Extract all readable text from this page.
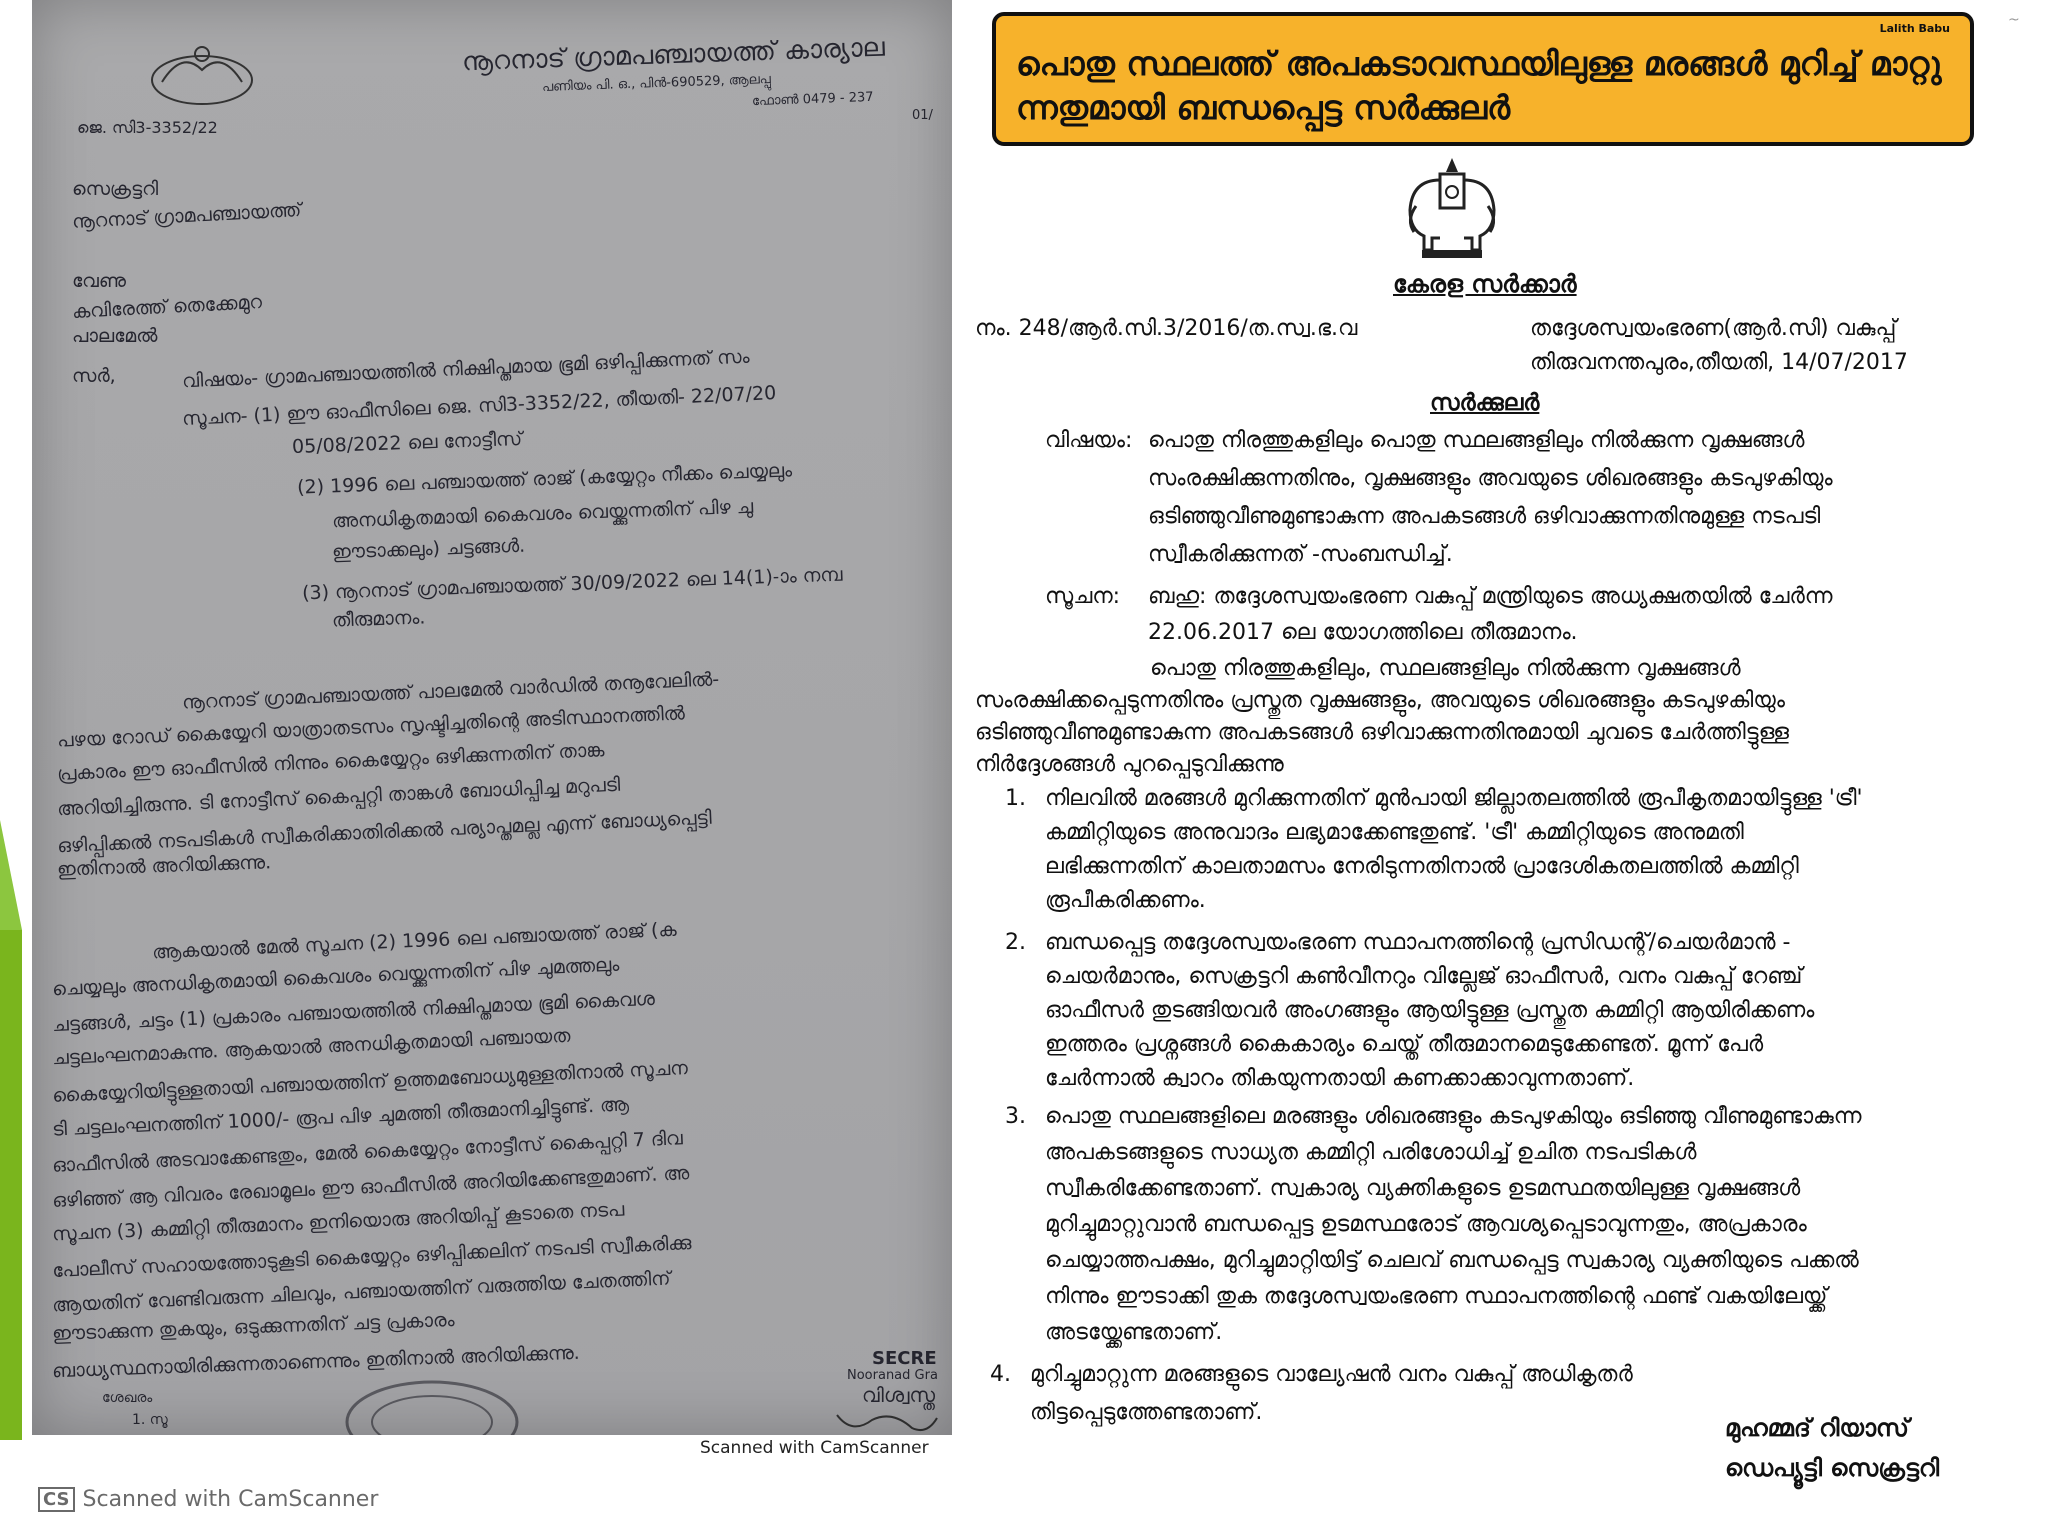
നൂറനാട് ഗ്രാമപഞ്ചായത്ത് കാര്യാല
പണിയം പി. ഒ., പിൻ-690529, ആലപ്പു
ഫോൺ 0479 - 237
01/
ജെ. സി3-3352/22
സെക്രട്ടറി
നൂറനാട് ഗ്രാമപഞ്ചായത്ത്
വേണു
കവിരേത്ത് തെക്കേമുറ
പാലമേൽ
സർ,	വിഷയം- ഗ്രാമപഞ്ചായത്തിൽ നിക്ഷിപ്തമായ ഭൂമി ഒഴിപ്പിക്കുന്നത് സം
സൂചന- (1) ഈ ഓഫീസിലെ ജെ. സി3-3352/22, തീയതി- 22/07/20
05/08/2022 ലെ നോട്ടീസ്
(2) 1996 ലെ പഞ്ചായത്ത് രാജ് (കയ്യേറ്റം നീക്കം ചെയ്യലും
അനധികൃതമായി കൈവശം വെയ്ക്കുന്നതിന് പിഴ ചു
ഈടാക്കലും) ചട്ടങ്ങൾ.
(3) നൂറനാട് ഗ്രാമപഞ്ചായത്ത് 30/09/2022 ലെ 14(1)-ാം നമ്പ
തീരുമാനം.
നൂറനാട് ഗ്രാമപഞ്ചായത്ത് പാലമേൽ വാർഡിൽ തനൂവേലിൽ-
പഴയ റോഡ് കൈയ്യേറി യാത്രാതടസം സൃഷ്ടിച്ചതിന്റെ അടിസ്ഥാനത്തിൽ
പ്രകാരം ഈ ഓഫീസിൽ നിന്നും കൈയ്യേറ്റം ഒഴിക്കുന്നതിന് താങ്ക
അറിയിച്ചിരുന്നു. ടി നോട്ടീസ് കൈപ്പറ്റി താങ്കൾ ബോധിപ്പിച്ച മറുപടി
ഒഴിപ്പിക്കൽ നടപടികൾ സ്വീകരിക്കാതിരിക്കൽ പര്യാപ്തമല്ല എന്ന് ബോധ്യപ്പെട്ടി
ഇതിനാൽ അറിയിക്കുന്നു.
ആകയാൽ മേൽ സൂചന (2) 1996 ലെ പഞ്ചായത്ത് രാജ് (ക
ചെയ്യലും അനധികൃതമായി കൈവശം വെയ്ക്കുന്നതിന് പിഴ ചുമത്തലും
ചട്ടങ്ങൾ, ചട്ടം (1) പ്രകാരം പഞ്ചായത്തിൽ നിക്ഷിപ്തമായ ഭൂമി കൈവശ
ചട്ടലംഘനമാകുന്നു. ആകയാൽ അനധികൃതമായി പഞ്ചായത
കൈയ്യേറിയിട്ടുള്ളതായി പഞ്ചായത്തിന് ഉത്തമബോധ്യമുള്ളതിനാൽ സൂചന
ടി ചട്ടലംഘനത്തിന് 1000/- രൂപ പിഴ ചുമത്തി തീരുമാനിച്ചിട്ടുണ്ട്. ആ
ഓഫീസിൽ അടവാക്കേണ്ടതും, മേൽ കൈയ്യേറ്റം നോട്ടീസ് കൈപ്പറ്റി 7 ദിവ
ഒഴിഞ്ഞ് ആ വിവരം രേഖാമൂലം ഈ ഓഫീസിൽ അറിയിക്കേണ്ടതുമാണ്. അ
സൂചന (3) കമ്മിറ്റി തീരുമാനം ഇനിയൊരു അറിയിപ്പ് കൂടാതെ നടപ
പോലീസ് സഹായത്തോടുകൂടി കൈയ്യേറ്റം ഒഴിപ്പിക്കലിന് നടപടി സ്വീകരിക്കു
ആയതിന് വേണ്ടിവരുന്ന ചിലവും, പഞ്ചായത്തിന് വരുത്തിയ ചേതത്തിന്
ഈടാക്കുന്ന തുകയും, ഒടുക്കുന്നതിന് ചട്ട പ്രകാരം
ബാധ്യസ്ഥനായിരിക്കുന്നതാണെന്നും ഇതിനാൽ അറിയിക്കുന്നു.
ശേഖരം
1. സൂ
വിശ്വസ്ത
SECRE
Nooranad Gra
Scanned with CamScanner
CS Scanned with CamScanner
Lalith Babu
പൊതു സ്ഥലത്ത് അപകടാവസ്ഥയിലുള്ള മരങ്ങൾ മുറിച്ച് മാറ്റു ന്നതുമായി ബന്ധപ്പെട്ട സർക്കുലർ
~
കേരള സർക്കാർ
നം. 248/ആർ.സി.3/2016/ത.സ്വ.ഭ.വ	തദ്ദേശസ്വയംഭരണ(ആർ.സി) വകുപ്പ്
തിരുവനന്തപുരം,തീയതി, 14/07/2017
സർക്കുലർ
വിഷയം: പൊതു നിരത്തുകളിലും പൊതു സ്ഥലങ്ങളിലും നിൽക്കുന്ന വൃക്ഷങ്ങൾ
സംരക്ഷിക്കുന്നതിനും, വൃക്ഷങ്ങളും അവയുടെ ശിഖരങ്ങളും കടപുഴകിയും
ഒടിഞ്ഞുവീണുമുണ്ടാകുന്ന അപകടങ്ങൾ ഒഴിവാക്കുന്നതിനുമുള്ള നടപടി
സ്വീകരിക്കുന്നത് -സംബന്ധിച്ച്.
സൂചന: ബഹു: തദ്ദേശസ്വയംഭരണ വകുപ്പ് മന്ത്രിയുടെ അധ്യക്ഷതയിൽ ചേർന്ന
22.06.2017 ലെ യോഗത്തിലെ തീരുമാനം.
പൊതു നിരത്തുകളിലും, സ്ഥലങ്ങളിലും നിൽക്കുന്ന വൃക്ഷങ്ങൾ
സംരക്ഷിക്കപ്പെടുന്നതിനും പ്രസ്തുത വൃക്ഷങ്ങളും, അവയുടെ ശിഖരങ്ങളും കടപുഴകിയും
ഒടിഞ്ഞുവീണുമുണ്ടാകുന്ന അപകടങ്ങൾ ഒഴിവാക്കുന്നതിനുമായി ചുവടെ ചേർത്തിട്ടുള്ള
നിർദ്ദേശങ്ങൾ പുറപ്പെടുവിക്കുന്നു
1. നിലവിൽ മരങ്ങൾ മുറിക്കുന്നതിന് മുൻപായി ജില്ലാതലത്തിൽ രൂപീകൃതമായിട്ടുള്ള 'ട്രീ'
കമ്മിറ്റിയുടെ അനുവാദം ലഭ്യമാക്കേണ്ടതുണ്ട്. 'ട്രീ' കമ്മിറ്റിയുടെ അനുമതി
ലഭിക്കുന്നതിന് കാലതാമസം നേരിടുന്നതിനാൽ പ്രാദേശികതലത്തിൽ കമ്മിറ്റി
രൂപീകരിക്കണം.
2. ബന്ധപ്പെട്ട തദ്ദേശസ്വയംഭരണ സ്ഥാപനത്തിന്റെ പ്രസിഡന്റ്/ചെയർമാൻ -
ചെയർമാനും, സെക്രട്ടറി കൺവീനറും വില്ലേജ് ഓഫീസർ, വനം വകുപ്പ് റേഞ്ച്
ഓഫീസർ തുടങ്ങിയവർ അംഗങ്ങളും ആയിട്ടുള്ള പ്രസ്തുത കമ്മിറ്റി ആയിരിക്കണം
ഇത്തരം പ്രശ്നങ്ങൾ കൈകാര്യം ചെയ്ത് തീരുമാനമെടുക്കേണ്ടത്. മൂന്ന് പേർ
ചേർന്നാൽ ക്വാറം തികയുന്നതായി കണക്കാക്കാവുന്നതാണ്.
3. പൊതു സ്ഥലങ്ങളിലെ മരങ്ങളും ശിഖരങ്ങളും കടപുഴകിയും ഒടിഞ്ഞു വീണുമുണ്ടാകുന്ന
അപകടങ്ങളുടെ സാധ്യത കമ്മിറ്റി പരിശോധിച്ച് ഉചിത നടപടികൾ
സ്വീകരിക്കേണ്ടതാണ്. സ്വകാര്യ വ്യക്തികളുടെ ഉടമസ്ഥതയിലുള്ള വൃക്ഷങ്ങൾ
മുറിച്ചുമാറ്റുവാൻ ബന്ധപ്പെട്ട ഉടമസ്ഥരോട് ആവശ്യപ്പെടാവുന്നതും, അപ്രകാരം
ചെയ്യാത്തപക്ഷം, മുറിച്ചുമാറ്റിയിട്ട് ചെലവ് ബന്ധപ്പെട്ട സ്വകാര്യ വ്യക്തിയുടെ പക്കൽ
നിന്നും ഈടാക്കി തുക തദ്ദേശസ്വയംഭരണ സ്ഥാപനത്തിന്റെ ഫണ്ട് വകയിലേയ്ക്ക്
അടയ്ക്കേണ്ടതാണ്.
4. മുറിച്ചുമാറ്റുന്ന മരങ്ങളുടെ വാല്യേഷൻ വനം വകുപ്പ് അധികൃതർ
തിട്ടപ്പെടുത്തേണ്ടതാണ്.
മുഹമ്മദ് റിയാസ്
ഡെപ്യൂട്ടി സെക്രട്ടറി
